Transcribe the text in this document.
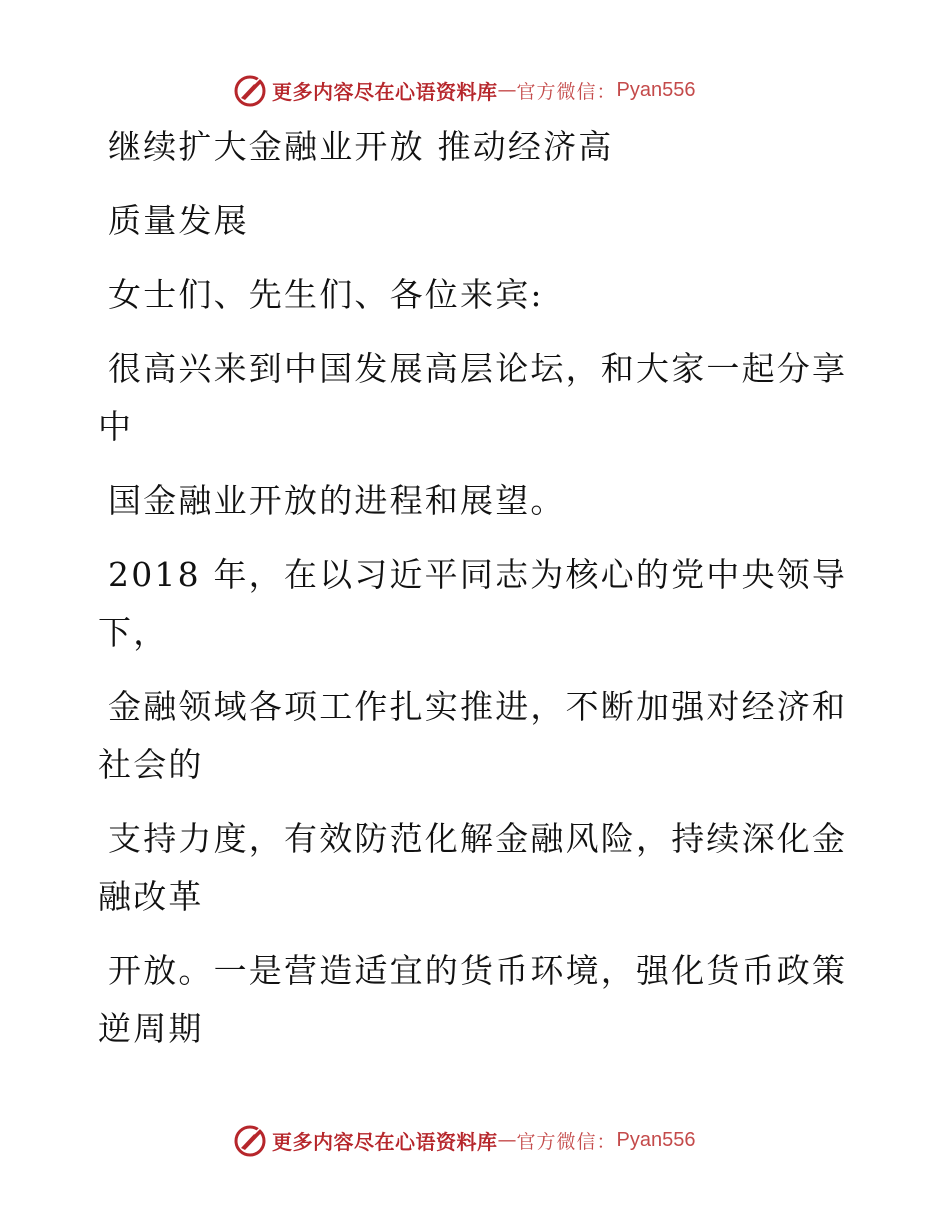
更多内容尽在心语资料库 — 官方微信： Pyan556
继续扩大金融业开放 推动经济高
质量发展
女士们、先生们、各位来宾:
很高兴来到中国发展高层论坛，和大家一起分享
中
国金融业开放的进程和展望。
2018 年，在以习近平同志为核心的党中央领导
下，
金融领域各项工作扎实推进，不断加强对经济和
社会的
支持力度，有效防范化解金融风险，持续深化金
融改革
开放。一是营造适宜的货币环境，强化货币政策
逆周期
更多内容尽在心语资料库 — 官方微信： Pyan556
